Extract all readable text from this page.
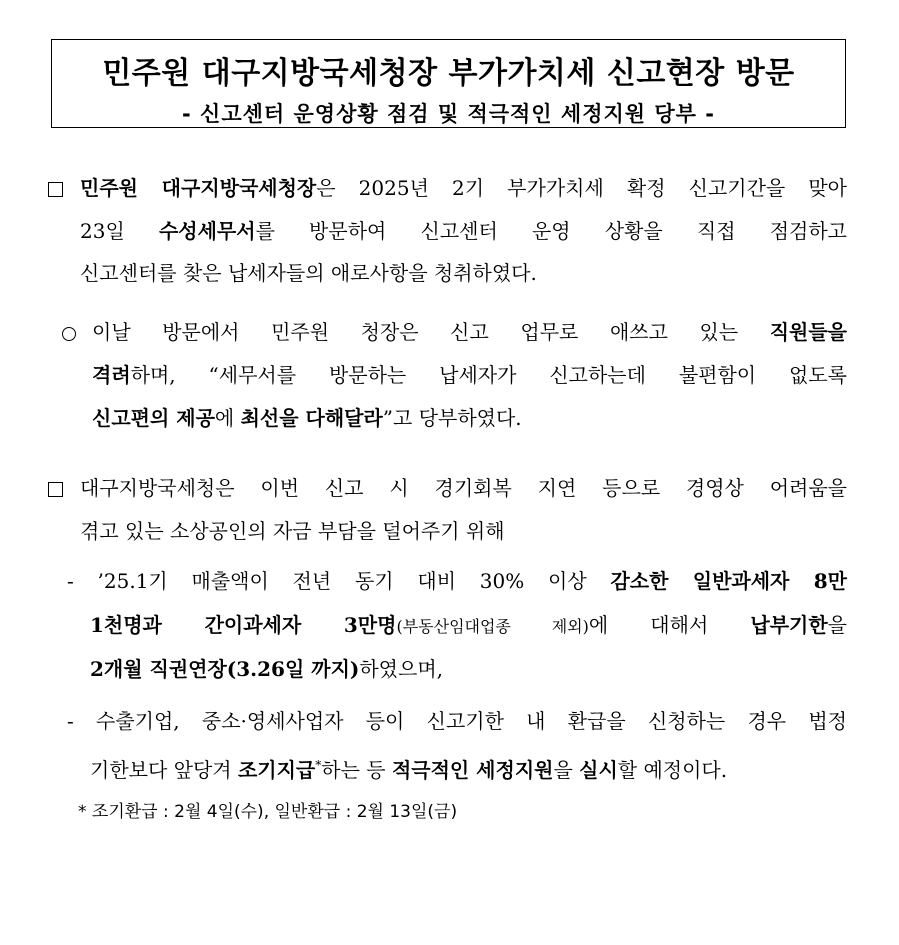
민주원 대구지방국세청장 부가가치세 신고현장 방문
- 신고센터 운영상황 점검 및 적극적인 세정지원 당부 -
민주원 대구지방국세청장은 2025년 2기 부가가치세 확정 신고기간을 맞아
23일 수성세무서를 방문하여 신고센터 운영 상황을 직접 점검하고
신고센터를 찾은 납세자들의 애로사항을 청취하였다.
이날 방문에서 민주원 청장은 신고 업무로 애쓰고 있는 직원들을
격려하며, “세무서를 방문하는 납세자가 신고하는데 불편함이 없도록
신고편의 제공에 최선을 다해달라”고 당부하였다.
대구지방국세청은 이번 신고 시 경기회복 지연 등으로 경영상 어려움을
겪고 있는 소상공인의 자금 부담을 덜어주기 위해
- ’25.1기 매출액이 전년 동기 대비 30% 이상 감소한 일반과세자 8만
1천명과 간이과세자 3만명(부동산임대업종 제외)에 대해서 납부기한을
2개월 직권연장(3.26일 까지)하였으며,
- 수출기업, 중소·영세사업자 등이 신고기한 내 환급을 신청하는 경우 법정
기한보다 앞당겨 조기지급*하는 등 적극적인 세정지원을 실시할 예정이다.
* 조기환급 : 2월 4일(수), 일반환급 : 2월 13일(금)
